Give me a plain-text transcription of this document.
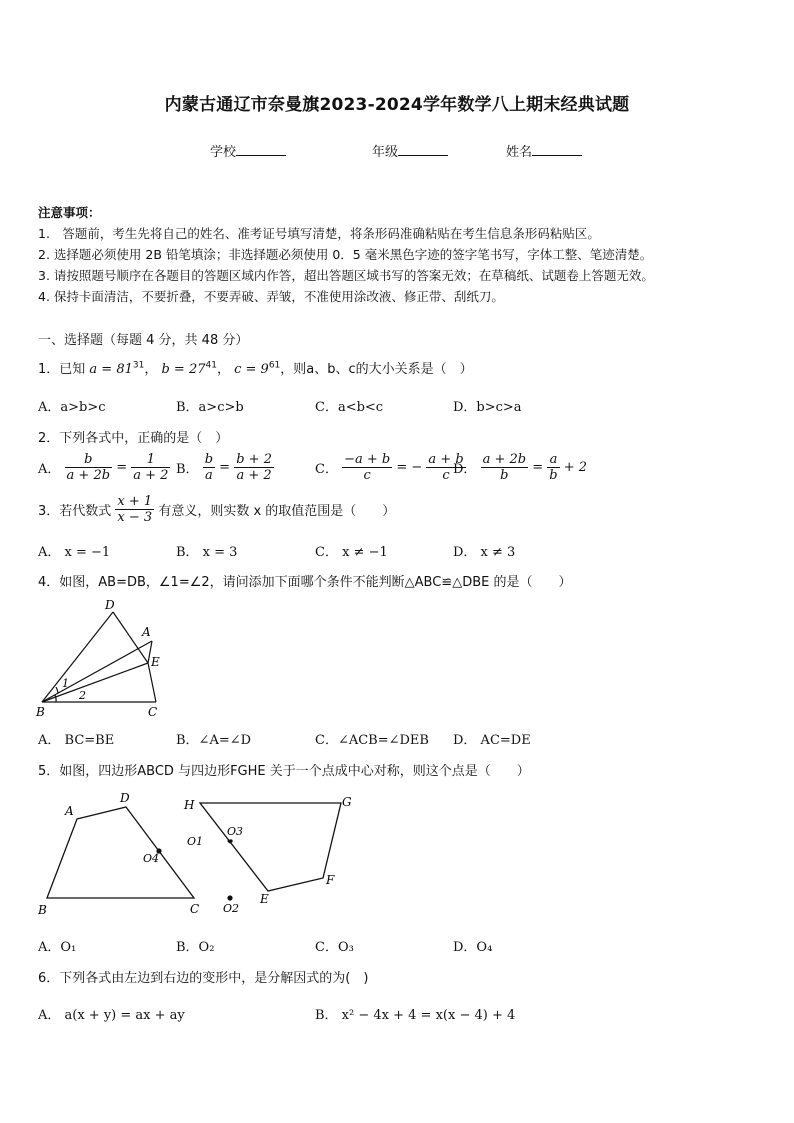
内蒙古通辽市奈曼旗2023-2024学年数学八上期末经典试题
学校	年级	姓名
注意事项：
1.　答题前，考生先将自己的姓名、准考证号填写清楚，将条形码准确粘贴在考生信息条形码粘贴区。
2. 选择题必须使用 2B 铅笔填涂；非选择题必须使用 0．5 毫米黑色字迹的签字笔书写，字体工整、笔迹清楚。
3. 请按照题号顺序在各题目的答题区域内作答，超出答题区域书写的答案无效；在草稿纸、试题卷上答题无效。
4. 保持卡面清洁，不要折叠，不要弄破、弄皱，不准使用涂改液、修正带、刮纸刀。
一、选择题（每题 4 分，共 48 分）
1．已知 $a = 81^{31}$， $b = 27^{41}$， $c = 9^{61}$，则a、b、c的大小关系是（　）
A．a>b>c	B．a>c>b	C．a<b<c	D．b>c>a
2．下列各式中，正确的是（　）
A． $\frac{b}{a + 2b} = \frac{1}{a + 2}$ B． $\frac{b}{a} = \frac{b + 2}{a + 2}$	C． $\frac{-a + b}{c}$ = − $\frac{a + b}{c}$
D． $\frac{a + 2b}{b} = \frac{a}{b} + 2$
3．若代数式 $\frac{x + 1}{x - 3}$ 有意义，则实数 x 的取值范围是（　　）
A． x = −1	B． x = 3	C． x ≠ −1	D． x ≠ 3
4．如图，AB=DB，∠1=∠2，请问添加下面哪个条件不能判断△ABC≌△DBE 的是（　　）
D
A
E
B	C
1
2
A． BC=BE	B．∠A=∠D	C．∠ACB=∠DEB D． AC=DE
5．如图，四边形ABCD 与四边形FGHE 关于一个点成中心对称，则这个点是（　　）
A
D
B	C
O4
H	G
O1
O3
F
E
O2
A．O₁	B．O₂	C．O₃	D．O₄
6．下列各式由左边到右边的变形中，是分解因式的为(　)
A． a(x + y) = ax + ay	B． x² − 4x + 4 = x(x − 4) + 4
